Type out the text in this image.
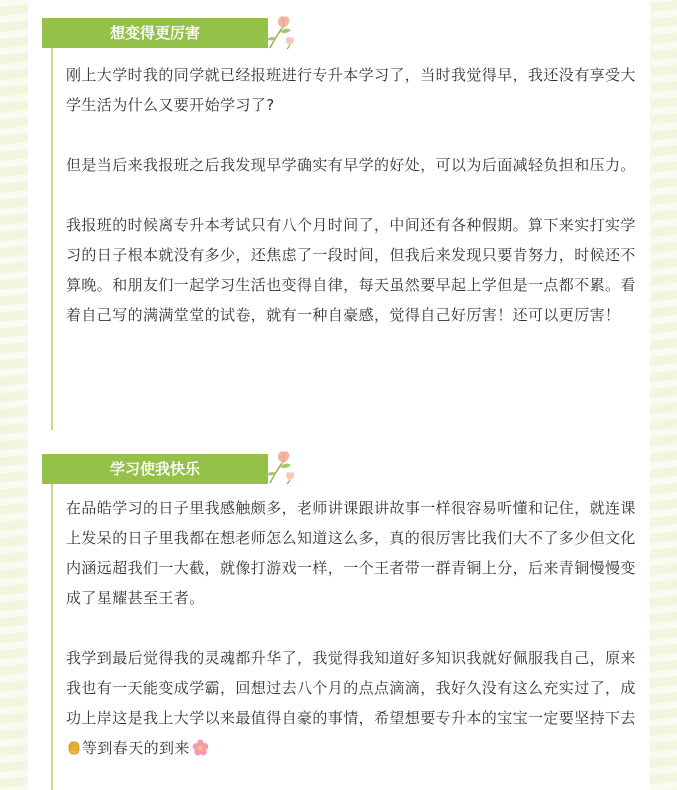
想变得更厉害

刚上大学时我的同学就已经报班进行专升本学习了，当时我觉得早，我还没有享受大学生活为什么又要开始学习了?

但是当后来我报班之后我发现早学确实有早学的好处，可以为后面减轻负担和压力。

我报班的时候离专升本考试只有八个月时间了，中间还有各种假期。算下来实打实学习的日子根本就没有多少，还焦虑了一段时间，但我后来发现只要肯努力，时候还不算晚。和朋友们一起学习生活也变得自律，每天虽然要早起上学但是一点都不累。看着自己写的满满堂堂的试卷，就有一种自豪感，觉得自己好厉害！还可以更厉害！

学习使我快乐

在品皓学习的日子里我感触颇多，老师讲课跟讲故事一样很容易听懂和记住，就连课上发呆的日子里我都在想老师怎么知道这么多，真的很厉害比我们大不了多少但文化内涵远超我们一大截，就像打游戏一样，一个王者带一群青铜上分，后来青铜慢慢变成了星耀甚至王者。

我学到最后觉得我的灵魂都升华了，我觉得我知道好多知识我就好佩服我自己，原来我也有一天能变成学霸，回想过去八个月的点点滴滴，我好久没有这么充实过了，成功上岸这是我上大学以来最值得自豪的事情，希望想要专升本的宝宝一定要坚持下去等到春天的到来
